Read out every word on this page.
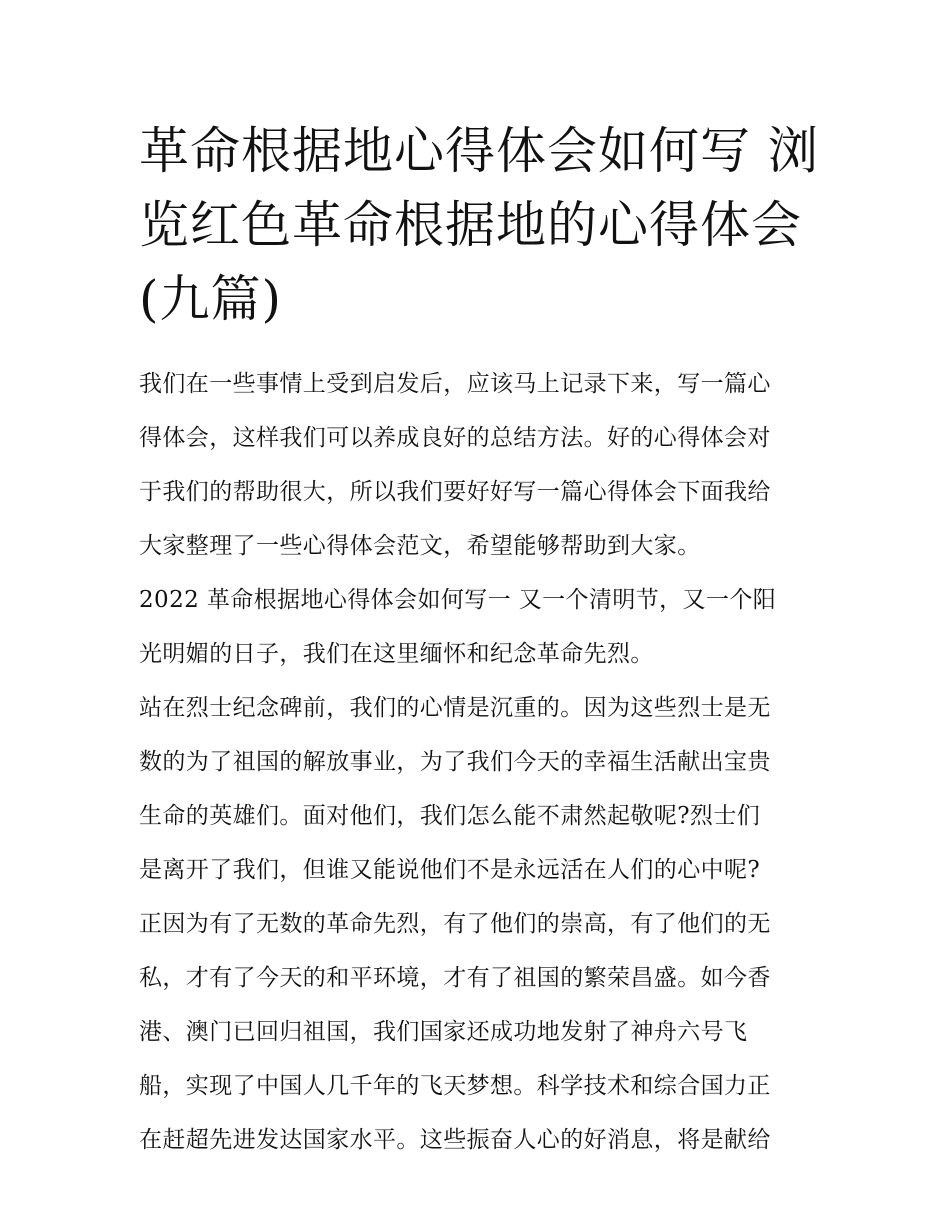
革命根据地心得体会如何写 浏
览红色革命根据地的心得体会
(九篇)
我们在一些事情上受到启发后，应该马上记录下来，写一篇心
得体会，这样我们可以养成良好的总结方法。好的心得体会对
于我们的帮助很大，所以我们要好好写一篇心得体会下面我给
大家整理了一些心得体会范文，希望能够帮助到大家。
2022 革命根据地心得体会如何写一 又一个清明节，又一个阳
光明媚的日子，我们在这里缅怀和纪念革命先烈。
站在烈士纪念碑前，我们的心情是沉重的。因为这些烈士是无
数的为了祖国的解放事业，为了我们今天的幸福生活献出宝贵
生命的英雄们。面对他们，我们怎么能不肃然起敬呢?烈士们
是离开了我们，但谁又能说他们不是永远活在人们的心中呢?
正因为有了无数的革命先烈，有了他们的崇高，有了他们的无
私，才有了今天的和平环境，才有了祖国的繁荣昌盛。如今香
港、澳门已回归祖国，我们国家还成功地发射了神舟六号飞
船，实现了中国人几千年的飞天梦想。科学技术和综合国力正
在赶超先进发达国家水平。这些振奋人心的好消息，将是献给
